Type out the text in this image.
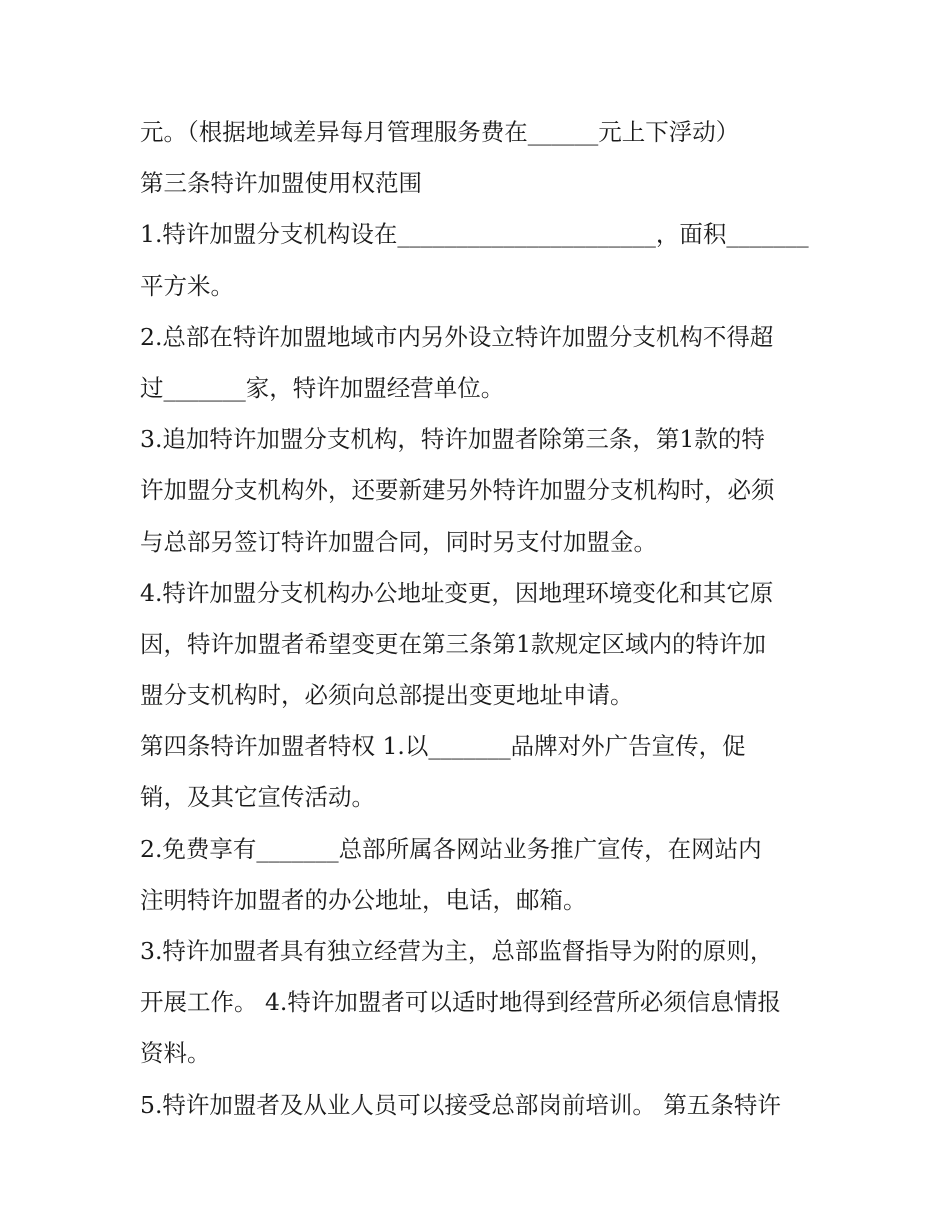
元。（根据地域差异每月管理服务费在______元上下浮动）
第三条特许加盟使用权范围
1.特许加盟分支机构设在______________________，面积_______
平方米。
2.总部在特许加盟地域市内另外设立特许加盟分支机构不得超
过_______家，特许加盟经营单位。
3.追加特许加盟分支机构，特许加盟者除第三条，第1款的特
许加盟分支机构外，还要新建另外特许加盟分支机构时，必须
与总部另签订特许加盟合同，同时另支付加盟金。
4.特许加盟分支机构办公地址变更，因地理环境变化和其它原
因，特许加盟者希望变更在第三条第1款规定区域内的特许加
盟分支机构时，必须向总部提出变更地址申请。
第四条特许加盟者特权 1.以_______品牌对外广告宣传，促
销，及其它宣传活动。
2.免费享有_______总部所属各网站业务推广宣传，在网站内
注明特许加盟者的办公地址，电话，邮箱。
3.特许加盟者具有独立经营为主，总部监督指导为附的原则，
开展工作。 4.特许加盟者可以适时地得到经营所必须信息情报
资料。
5.特许加盟者及从业人员可以接受总部岗前培训。 第五条特许
